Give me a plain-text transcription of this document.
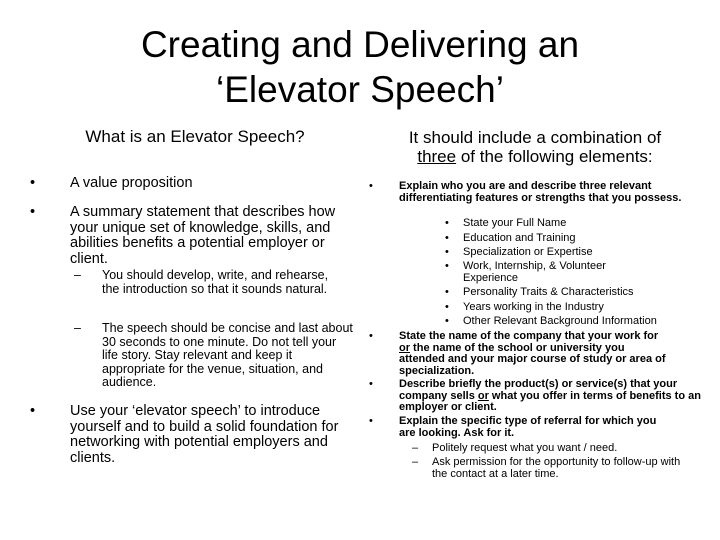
Creating and Delivering an
‘Elevator Speech’
What is an Elevator Speech?
• A value proposition
• A summary statement that describes how your unique set of knowledge, skills, and abilities benefits a potential employer or client.
– You should develop, write, and rehearse, the introduction so that it sounds natural.
– The speech should be concise and last about 30 seconds to one minute. Do not tell your life story. Stay relevant and keep it appropriate for the venue, situation, and audience.
• Use your ‘elevator speech’ to introduce yourself and to build a solid foundation for networking with potential employers and clients.
It should include a combination of
three of the following elements:
• Explain who you are and describe three relevant differentiating features or strengths that you possess.
• State your Full Name
• Education and Training
• Specialization or Expertise
• Work, Internship, & Volunteer Experience
• Personality Traits & Characteristics
• Years working in the Industry
• Other Relevant Background Information
• State the name of the company that your work for or the name of the school or university you attended and your major course of study or area of specialization.
• Describe briefly the product(s) or service(s) that your company sells or what you offer in terms of benefits to an employer or client.
• Explain the specific type of referral for which you are looking. Ask for it.
– Politely request what you want / need.
– Ask permission for the opportunity to follow-up with the contact at a later time.
